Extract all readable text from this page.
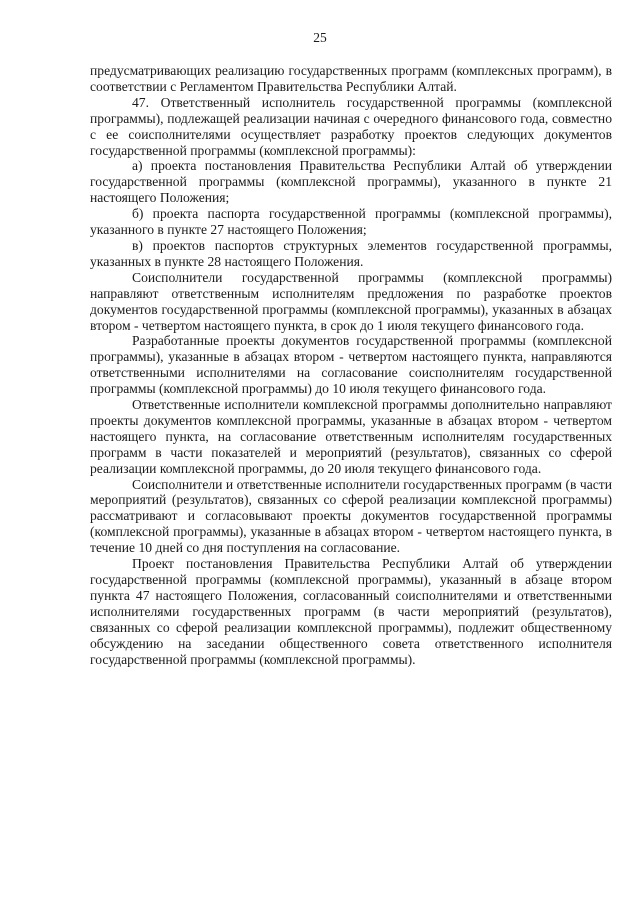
25

предусматривающих реализацию государственных программ (комплексных программ), в соответствии с Регламентом Правительства Республики Алтай.

47. Ответственный исполнитель государственной программы (комплексной программы), подлежащей реализации начиная с очередного финансового года, совместно с ее соисполнителями осуществляет разработку проектов следующих документов государственной программы (комплексной программы):

а) проекта постановления Правительства Республики Алтай об утверждении государственной программы (комплексной программы), указанного в пункте 21 настоящего Положения;

б) проекта паспорта государственной программы (комплексной программы), указанного в пункте 27 настоящего Положения;

в) проектов паспортов структурных элементов государственной программы, указанных в пункте 28 настоящего Положения.

Соисполнители государственной программы (комплексной программы) направляют ответственным исполнителям предложения по разработке проектов документов государственной программы (комплексной программы), указанных в абзацах втором - четвертом настоящего пункта, в срок до 1 июля текущего финансового года.

Разработанные проекты документов государственной программы (комплексной программы), указанные в абзацах втором - четвертом настоящего пункта, направляются ответственными исполнителями на согласование соисполнителям государственной программы (комплексной программы) до 10 июля текущего финансового года.

Ответственные исполнители комплексной программы дополнительно направляют проекты документов комплексной программы, указанные в абзацах втором - четвертом настоящего пункта, на согласование ответственным исполнителям государственных программ в части показателей и мероприятий (результатов), связанных со сферой реализации комплексной программы, до 20 июля текущего финансового года.

Соисполнители и ответственные исполнители государственных программ (в части мероприятий (результатов), связанных со сферой реализации комплексной программы) рассматривают и согласовывают проекты документов государственной программы (комплексной программы), указанные в абзацах втором - четвертом настоящего пункта, в течение 10 дней со дня поступления на согласование.

Проект постановления Правительства Республики Алтай об утверждении государственной программы (комплексной программы), указанный в абзаце втором пункта 47 настоящего Положения, согласованный соисполнителями и ответственными исполнителями государственных программ (в части мероприятий (результатов), связанных со сферой реализации комплексной программы), подлежит общественному обсуждению на заседании общественного совета ответственного исполнителя государственной программы (комплексной программы).
